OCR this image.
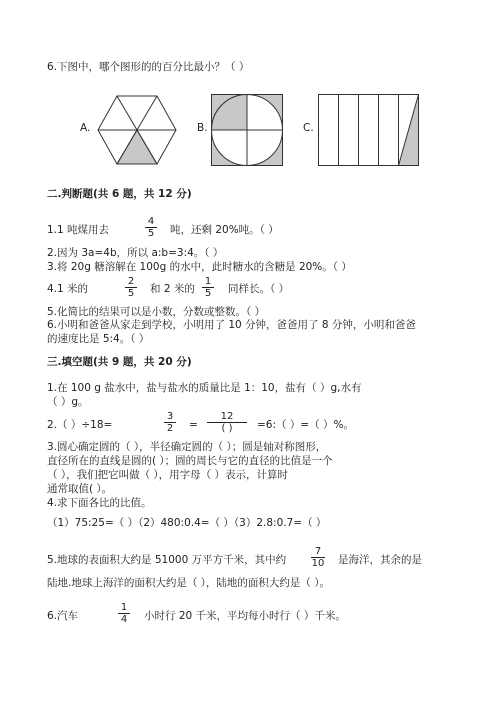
6.下图中，哪个图形的的百分比最小？（ ）
A.	B.	C.
二.判断题(共 6 题，共 12 分)
1.1 吨煤用去	$\frac{4}{5}$ 吨，还剩 20%吨。（ ）
2.因为 3a=4b，所以 a:b=3:4。（ ）
3.将 20g 糖溶解在 100g 的水中，此时糖水的含糖是 20%。（ ）
4.1 米的	$\frac{2}{5}$ 和 2 米的 $\frac{1}{5}$ 同样长。（ ）
5.化简比的结果可以是小数，分数或整数。（ ）
6.小明和爸爸从家走到学校，小明用了 10 分钟，爸爸用了 8 分钟，小明和爸爸
的速度比是 5:4。（ ）
三.填空题(共 9 题，共 20 分)
1.在 100 g 盐水中，盐与盐水的质量比是 1：10，盐有（ ）g,水有
（ ）g。
2.（ ）÷18=	$\frac{3}{2}$ =
12
( )	=6:（ ）=（ ）%。
3.圆心确定圆的（ ），半径确定圆的（ ）；圆是轴对称图形，
直径所在的直线是圆的( ）；圆的周长与它的直径的比值是一个
（ ），我们把它叫做（ ），用字母（ ）表示，计算时
通常取值( ）。
4.求下面各比的比值。
（1）75:25=（ ）（2）480:0.4=（ ）（3）2.8:0.7=（ ）
5.地球的表面积大约是 51000 万平方千米，其中约 $\frac{7}{10}$ 是海洋，其余的是
陆地.地球上海洋的面积大约是（ ），陆地的面积大约是（ ）。
6.汽车	$\frac{1}{4}$ 小时行 20 千米，平均每小时行（ ）千米。
